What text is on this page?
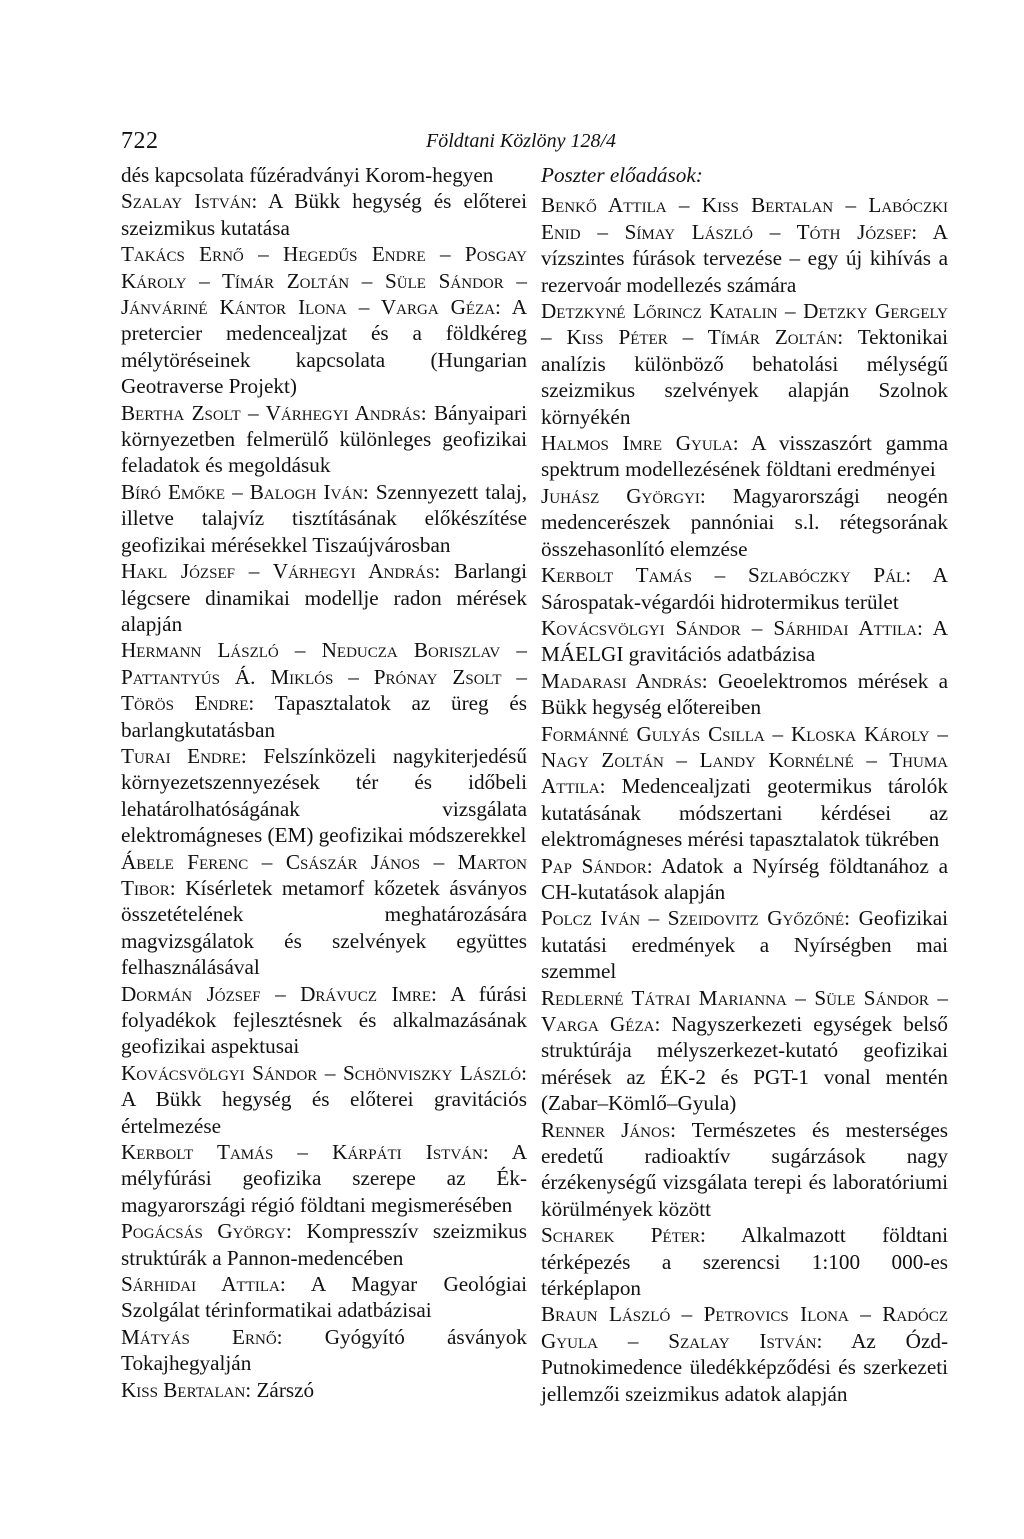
722	Földtani Közlöny 128/4

dés kapcsolata fűzéradványi Korom-hegyen

Szalay István: A Bükk hegység és előterei szeizmikus kutatása

Takács Ernő – Hegedűs Endre – Posgay Károly – Tímár Zoltán – Süle Sándor – Jánváriné Kántor Ilona – Varga Géza: A pretercier medencealjzat és a földkéreg mélytöréseinek kapcsolata (Hungarian Geotraverse Projekt)

Bertha Zsolt – Várhegyi András: Bányaipari környezetben felmerülő különleges geofizikai feladatok és megoldásuk

Bíró Emőke – Balogh Iván: Szennyezett talaj, illetve talajvíz tisztításának előkészítése geofizikai mérésekkel Tiszaújvárosban

Hakl József – Várhegyi András: Barlangi légcsere dinamikai modellje radon mérések alapján

Hermann László – Neducza Boriszlav – Pattantyús Á. Miklós – Prónay Zsolt – Törös Endre: Tapasztalatok az üreg és barlangkutatásban

Turai Endre: Felszínközeli nagykiterjedésű környezetszennyezések tér és időbeli lehatárolhatóságának vizsgálata elektromágneses (EM) geofizikai módszerekkel

Ábele Ferenc – Császár János – Marton Tibor: Kísérletek metamorf kőzetek ásványos összetételének meghatározására magvizsgálatok és szelvények együttes felhasználásával

Dormán József – Drávucz Imre: A fúrási folyadékok fejlesztésnek és alkalmazásának geofizikai aspektusai

Kovácsvölgyi Sándor – Schönviszky László: A Bükk hegység és előterei gravitációs értelmezése

Kerbolt Tamás – Kárpáti István: A mélyfúrási geofizika szerepe az Ék-magyarországi régió földtani megismerésében

Pogácsás György: Kompresszív szeizmikus struktúrák a Pannon-medencében

Sárhidai Attila: A Magyar Geológiai Szolgálat térinformatikai adatbázisai

Mátyás Ernő: Gyógyító ásványok Tokajhegyalján

Kiss Bertalan: Zárszó

Poszter előadások:

Benkő Attila – Kiss Bertalan – Labóczki Enid – Símay László – Tóth József: A vízszintes fúrások tervezése – egy új kihívás a rezervoár modellezés számára

Detzkyné Lőrincz Katalin – Detzky Gergely – Kiss Péter – Tímár Zoltán: Tektonikai analízis különböző behatolási mélységű szeizmikus szelvények alapján Szolnok környékén

Halmos Imre Gyula: A visszaszórt gamma spektrum modellezésének földtani eredményei

Juhász Györgyi: Magyarországi neogén medencerészek pannóniai s.l. rétegsorának összehasonlító elemzése

Kerbolt Tamás – Szlabóczky Pál: A Sárospatak-végardói hidrotermikus terület

Kovácsvölgyi Sándor – Sárhidai Attila: A MÁELGI gravitációs adatbázisa

Madarasi András: Geoelektromos mérések a Bükk hegység előtereiben

Formánné Gulyás Csilla – Kloska Károly – Nagy Zoltán – Landy Kornélné – Thuma Attila: Medencealjzati geotermikus tárolók kutatásának módszertani kérdései az elektromágneses mérési tapasztalatok tükrében

Pap Sándor: Adatok a Nyírség földtanához a CH-kutatások alapján

Polcz Iván – Szeidovitz Győzőné: Geofizikai kutatási eredmények a Nyírségben mai szemmel

Redlerné Tátrai Marianna – Süle Sándor – Varga Géza: Nagyszerkezeti egységek belső struktúrája mélyszerkezet-kutató geofizikai mérések az ÉK-2 és PGT-1 vonal mentén (Zabar–Kömlő–Gyula)

Renner János: Természetes és mesterséges eredetű radioaktív sugárzások nagy érzékenységű vizsgálata terepi és laboratóriumi körülmények között

Scharek Péter: Alkalmazott földtani térképezés a szerencsi 1:100 000-es térképlapon

Braun László – Petrovics Ilona – Radócz Gyula – Szalay István: Az Ózd-Putnokimedence üledékképződési és szerkezeti jellemzői szeizmikus adatok alapján
